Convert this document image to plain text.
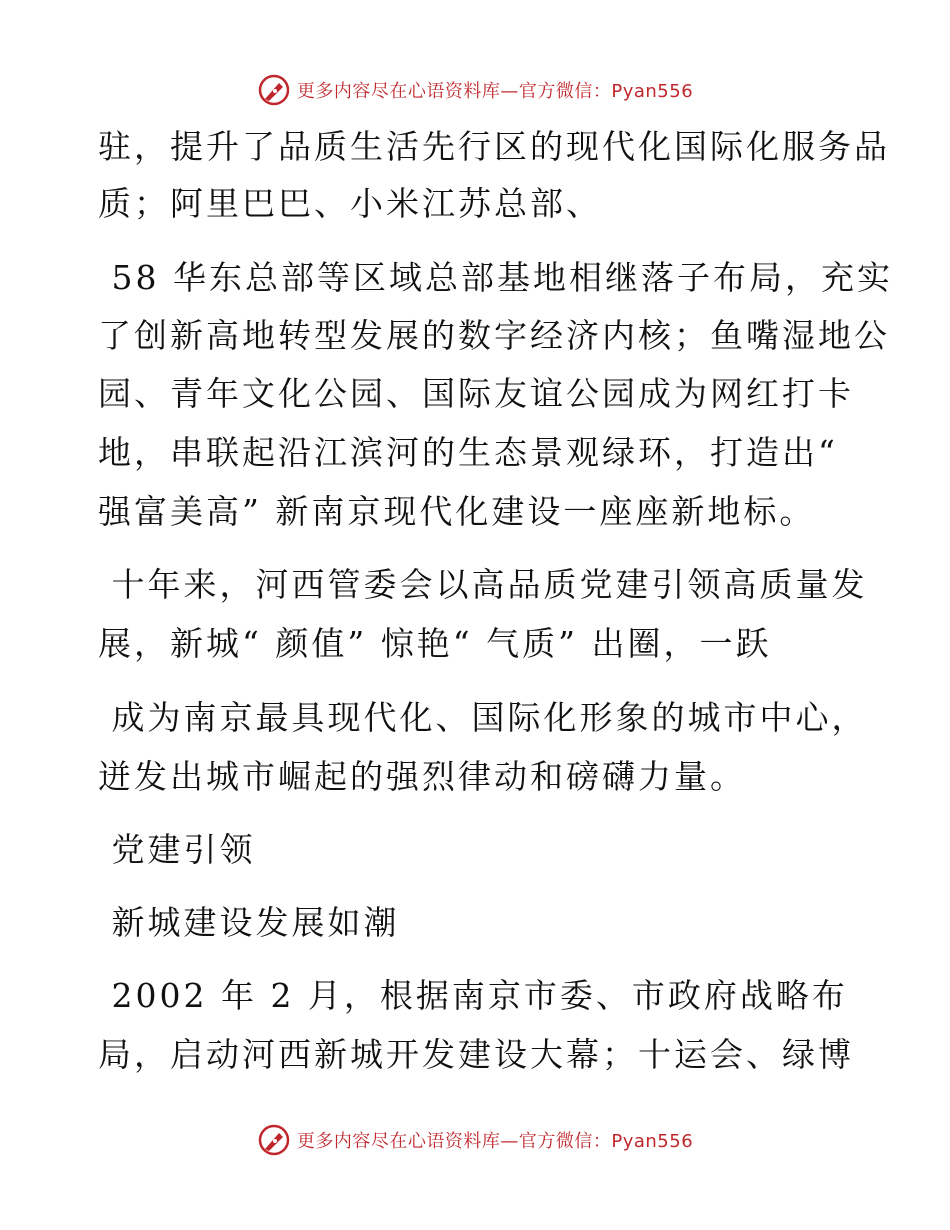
更多内容尽在心语资料库—官方微信：Pyan556
驻，提升了品质生活先行区的现代化国际化服务品
质；阿里巴巴、小米江苏总部、
58 华东总部等区域总部基地相继落子布局，充实
了创新高地转型发展的数字经济内核；鱼嘴湿地公
园、青年文化公园、国际友谊公园成为网红打卡
地，串联起沿江滨河的生态景观绿环，打造出“
强富美高” 新南京现代化建设一座座新地标。
十年来，河西管委会以高品质党建引领高质量发
展，新城“ 颜值” 惊艳“ 气质” 出圈，一跃
成为南京最具现代化、国际化形象的城市中心，
迸发出城市崛起的强烈律动和磅礴力量。
党建引领
新城建设发展如潮
2002 年 2 月，根据南京市委、市政府战略布
局，启动河西新城开发建设大幕；十运会、绿博
更多内容尽在心语资料库—官方微信：Pyan556
